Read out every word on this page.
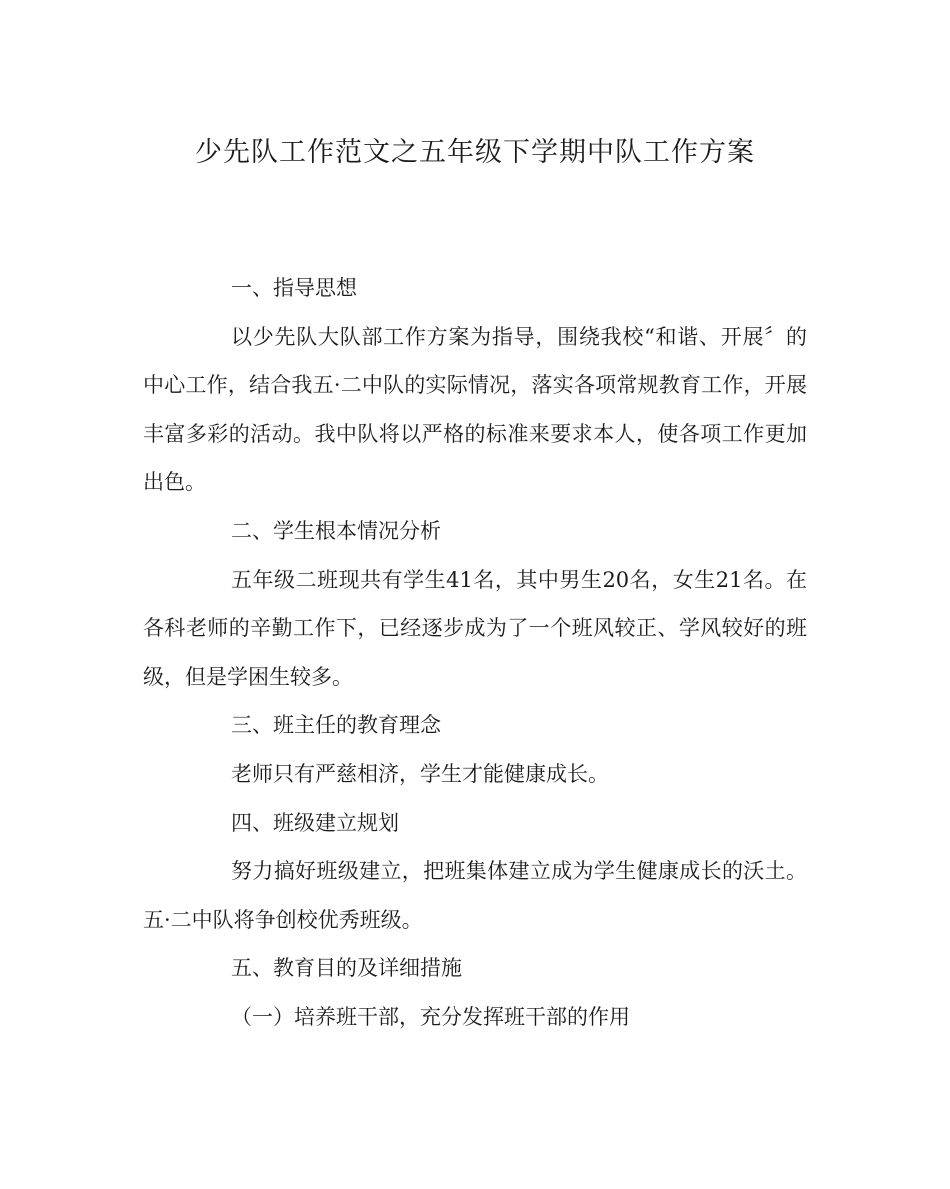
少先队工作范文之五年级下学期中队工作方案

一、指导思想

以少先队大队部工作方案为指导，围绕我校“和谐、开展〞的中心工作，结合我五·二中队的实际情况，落实各项常规教育工作，开展丰富多彩的活动。我中队将以严格的标准来要求本人，使各项工作更加出色。

二、学生根本情况分析

五年级二班现共有学生41名，其中男生20名，女生21名。在各科老师的辛勤工作下，已经逐步成为了一个班风较正、学风较好的班级，但是学困生较多。

三、班主任的教育理念

老师只有严慈相济，学生才能健康成长。

四、班级建立规划

努力搞好班级建立，把班集体建立成为学生健康成长的沃土。五·二中队将争创校优秀班级。

五、教育目的及详细措施

（一）培养班干部，充分发挥班干部的作用
